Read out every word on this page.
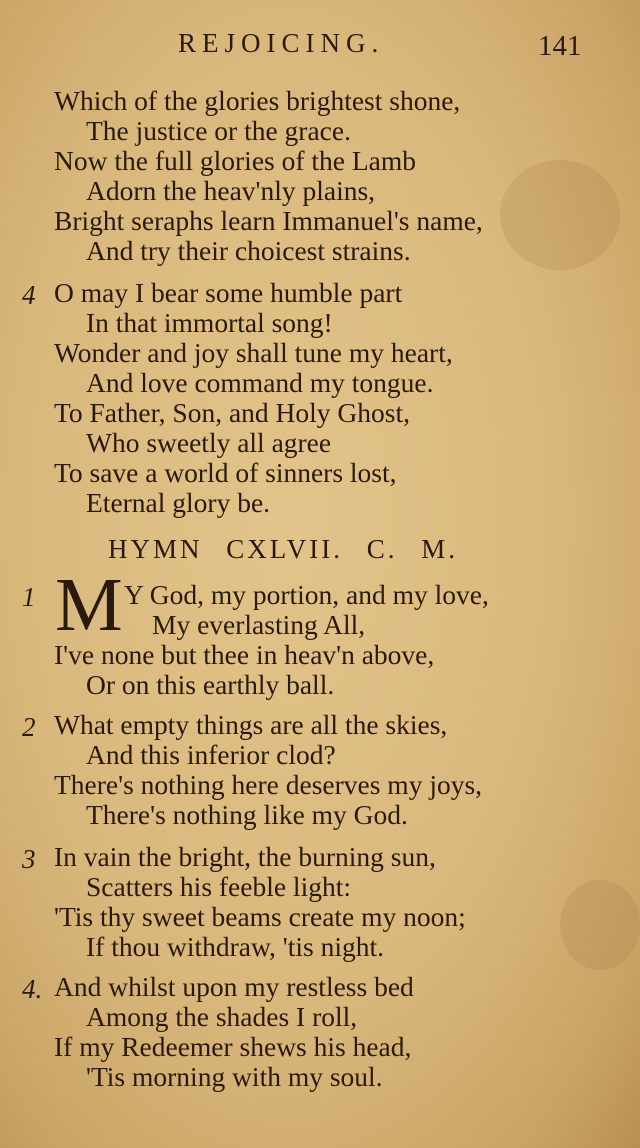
REJOICING.	141
Which of the glories brightest shone,
The justice or the grace.
Now the full glories of the Lamb
Adorn the heav'nly plains,
Bright seraphs learn Immanuel's name,
And try their choicest strains.
4 O may I bear some humble part
In that immortal song!
Wonder and joy shall tune my heart,
And love command my tongue.
To Father, Son, and Holy Ghost,
Who sweetly all agree
To save a world of sinners lost,
Eternal glory be.
HYMN CXLVII. C. M.
1 M Y God, my portion, and my love,
My everlasting All,
I've none but thee in heav'n above,
Or on this earthly ball.
2 What empty things are all the skies,
And this inferior clod?
There's nothing here deserves my joys,
There's nothing like my God.
3 In vain the bright, the burning sun,
Scatters his feeble light:
'Tis thy sweet beams create my noon;
If thou withdraw, 'tis night.
4. And whilst upon my restless bed
Among the shades I roll,
If my Redeemer shews his head,
'Tis morning with my soul.
